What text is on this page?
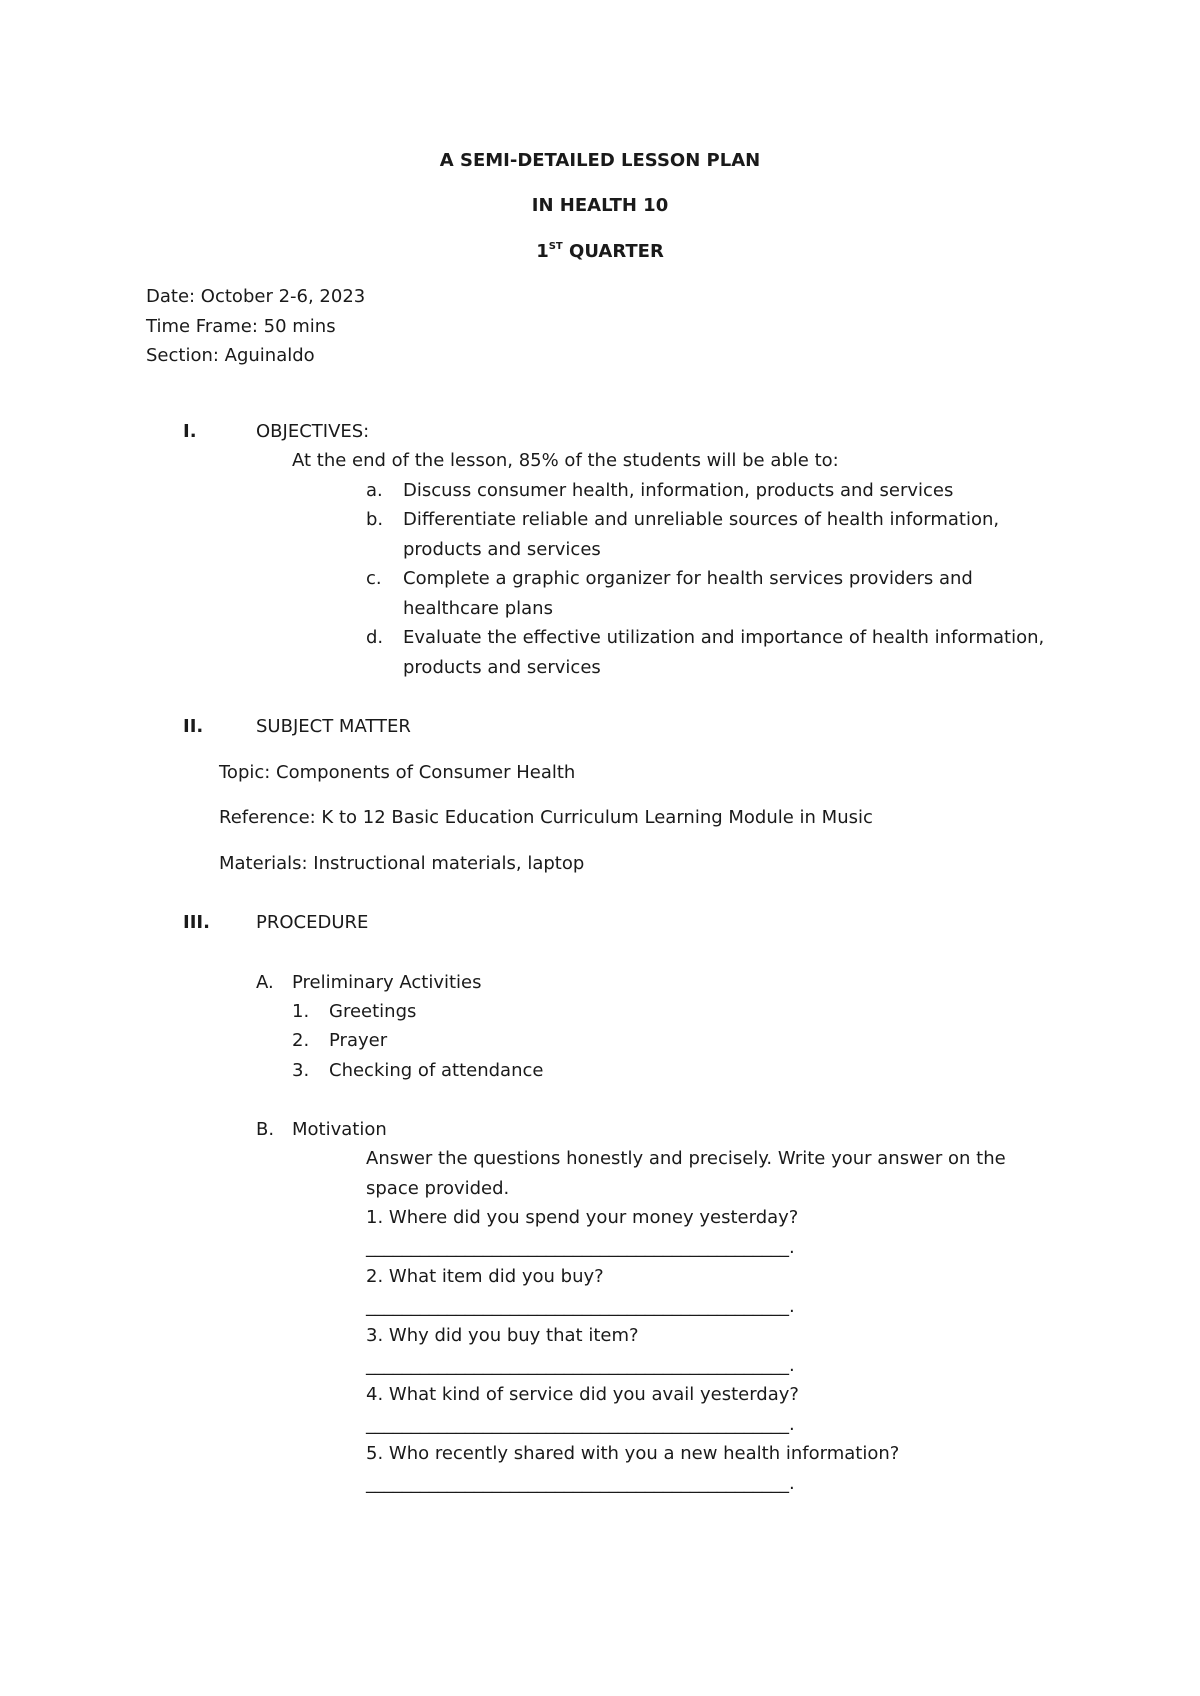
A SEMI-DETAILED LESSON PLAN
IN HEALTH 10
1ST QUARTER
Date: October 2-6, 2023
Time Frame: 50 mins
Section: Aguinaldo
I.	OBJECTIVES:
At the end of the lesson, 85% of the students will be able to:
a. Discuss consumer health, information, products and services
b. Differentiate reliable and unreliable sources of health information,
products and services
c. Complete a graphic organizer for health services providers and
healthcare plans
d. Evaluate the effective utilization and importance of health information,
products and services
II.	SUBJECT MATTER
Topic: Components of Consumer Health
Reference: K to 12 Basic Education Curriculum Learning Module in Music
Materials: Instructional materials, laptop
III.	PROCEDURE
A. Preliminary Activities
1. Greetings
2. Prayer
3. Checking of attendance
B. Motivation
Answer the questions honestly and precisely. Write your answer on the
space provided.
1. Where did you spend your money yesterday?
_______________________________________________.
2. What item did you buy?
_______________________________________________.
3. Why did you buy that item?
_______________________________________________.
4. What kind of service did you avail yesterday?
_______________________________________________.
5. Who recently shared with you a new health information?
_______________________________________________.
